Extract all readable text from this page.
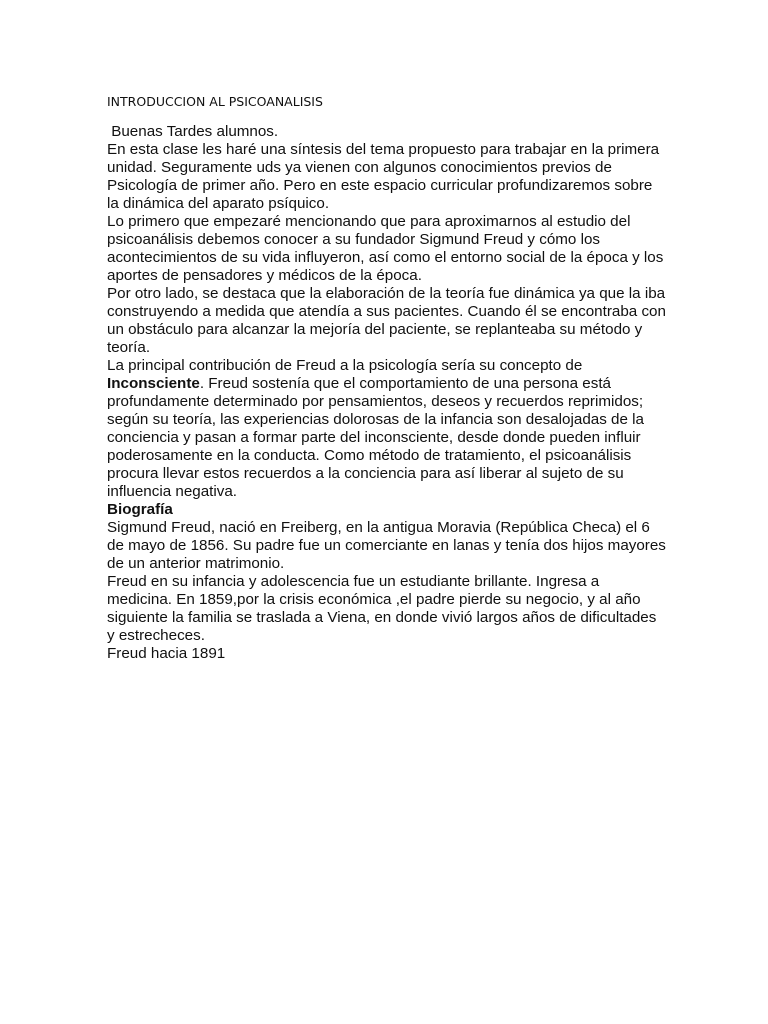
INTRODUCCION AL PSICOANALISIS

Buenas Tardes alumnos.

En esta clase les haré una síntesis del tema propuesto para trabajar en la primera unidad. Seguramente uds ya vienen con algunos conocimientos previos de Psicología de primer año. Pero en este espacio curricular profundizaremos sobre la dinámica del aparato psíquico.

Lo primero que empezaré mencionando que para aproximarnos al estudio del psicoanálisis debemos conocer a su fundador Sigmund Freud y cómo los acontecimientos de su vida influyeron, así como el entorno social de la época y los aportes de pensadores y médicos de la época.

Por otro lado, se destaca que la elaboración de la teoría fue dinámica ya que la iba construyendo a medida que atendía a sus pacientes. Cuando él se encontraba con un obstáculo para alcanzar la mejoría del paciente, se replanteaba su método y teoría.

La principal contribución de Freud a la psicología sería su concepto de Inconsciente. Freud sostenía que el comportamiento de una persona está profundamente determinado por pensamientos, deseos y recuerdos reprimidos; según su teoría, las experiencias dolorosas de la infancia son desalojadas de la conciencia y pasan a formar parte del inconsciente, desde donde pueden influir poderosamente en la conducta. Como método de tratamiento, el psicoanálisis procura llevar estos recuerdos a la conciencia para así liberar al sujeto de su influencia negativa.

Biografía

Sigmund Freud, nació en Freiberg, en la antigua Moravia (República Checa) el 6 de mayo de 1856. Su padre fue un comerciante en lanas y tenía dos hijos mayores de un anterior matrimonio.

Freud en su infancia y adolescencia fue un estudiante brillante. Ingresa a medicina. En 1859,por la crisis económica ,el padre pierde su negocio, y al año siguiente la familia se traslada a Viena, en donde vivió largos años de dificultades y estrecheces.

Freud hacia 1891
